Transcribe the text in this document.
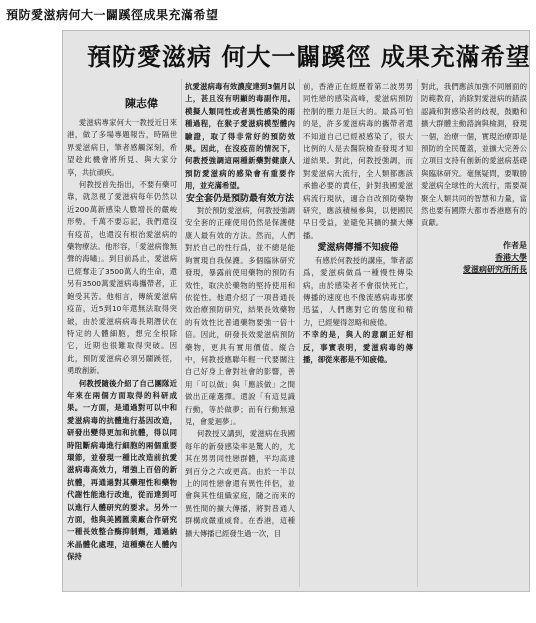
預防愛滋病何大一闢蹊徑成果充滿希望
預防愛滋病 何大一闢蹊徑 成果充滿希望
陳志偉

愛滋病專家何大一教授近日來港，做了多場專題報告，時隔世界愛滋病日，筆者感觸深刻，希望趁此機會將所見、與大家分享，共抗頑疾。

何教授首先指出，不要有藥可靠，就忽視了愛滋病每年仍然以近200萬新感染人數增長的嚴峻形勢。千萬不要忘記，我們還沒有疫苗，也還沒有根治愛滋病的藥物療法。他形容，「愛滋病像無聲的海嘯」。到目前爲止，愛滋病已經奪走了3500萬人的生命，還另有3500萬愛滋病毒攜帶者，正飽受其苦。他相言，傳統愛滋病疫苗，近5到10年還無法取得突破，由於愛滋病病毒長期潛伏在特定的人體細胞，想完全根除它，近期也很難取得突破。因此，預防愛滋病必須另闢蹊徑，勇敢創新。

何教授隨後介紹了自己團隊近年來在兩個方面取得的科研成果。一方面，是通過對可以中和愛滋病毒的抗體進行基因改造，研發出變得更加和抗體，得以同時阻斷病毒進行細胞的兩個重要環節，並發現一種比改造前抗愛滋病毒高效力，增強上百倍的新抗體，再通過對其藥理性和藥物代謝性能進行改進，從而達到可以進行人體研究的要求。另外一方面，他與美國匯業廠合作研究一種長效整合酶抑制劑，通過納米晶體化處理，這種藥在人體內保持

抗愛滋病毒有效濃度達到3個月以上，甚且沒有明顯的毒副作用。模擬人類同性或者異性感染的雨種過程，在猴子愛滋病模型體內驗證，取了得非常好的預防效果。因此，在沒疫苗的情況下，何教授強調這兩種新藥對健康人預防愛滋病的感染會有重要作用，並充滿希望。

安全套仍是預防最有效方法

對於預防愛滋病，何教授強調安全套的正確使用仍然是保護健康人最有效的方法。然而，人們對於自己的性行爲，並不總是能夠實現自我保護。多個臨牀研究發現，暴露前使用藥物的預防有效性，取決於藥物的堅持使用和依從性。他還介紹了一項普通長效治療預防研究，結果長效藥物的有效性比普通藥物要強一倍十倍。因此，研發長效愛滋病預防藥物，更具有實用價值。縱合中，何教授應聯年輕一代要關注自己好身上會對社會的影響，善用「可以做」與「應該做」之間做出正確選擇。還說「有這見識行動，等於做夢；而有行動無遠見，會愛迴夢」。

何教授又講到，愛滋病在我國每年的新發感染率是驚人的，尤其在男男同性戀群體，平均高達到百分之六或更高。由於一半以上的同性戀會還有異性伴侶，並會與其性組織家庭，隨之而來的異性間的擴大傳播，將對普通人群構成嚴重威脅。在香港，這種擴大傳播已經發生過一次，目

前，香港正在經歷着第二波男男同性戀的感染高峰，愛滋病預防控制的壓力是巨大的。最爲可怕的是，許多愛滋病毒的攜帶者還不知道自己已經被感染了，很大比例的人是去醫院檢查發現才知道結果。對此，何教授強調，而對愛滋病大流行，全人類都應該承擔必要的責任，針對我國愛滋病流行現狀，適合自改預防藥物研究，應該積極參與，以便國民早日受益，並避免其擴的擴大傳播。

愛滋病傳播不知疲倦

有感於何教授的講座，筆者認爲，愛滋病做爲一種慢性傳染病，由於感染者不會很快死亡，傳播的速度也不像流感病毒那麼迅猛，人們應對它的態度和精力，已經變得忽略和疲倦。

不幸的是，與人的意願正好相反，事實表明，愛滋病毒的傳播，卻從來都是不知疲倦。

對此，我們應該加強不同層面的防範教育，消除對愛滋病的錯誤認識和對感染者的歧視，鼓勵和擴大群體主動諮詢與檢測，發現一個，治療一個，實現治療即是預防的全民覆蓋，並擴大完善公立項目支持有創新的愛滋病基礎與臨牀研究。毫無疑問，要戰勝愛滋病全球性的大流行，需要凝聚全人類共同的智慧和力量，當然也要有國際大都市香港應有的貢獻。

作者是
香港大學
愛滋病研究所所長
